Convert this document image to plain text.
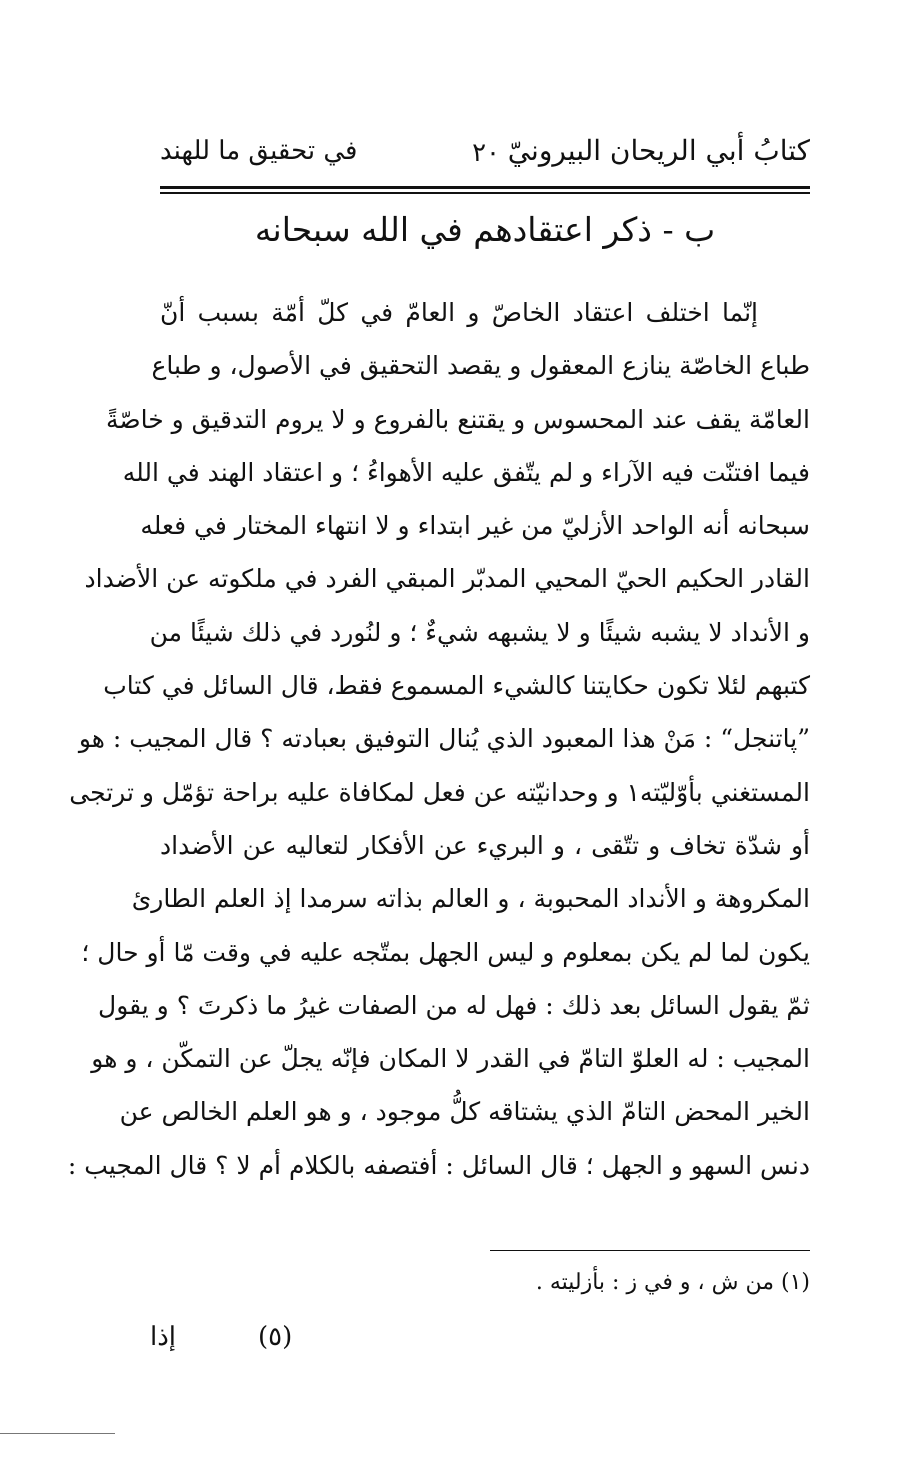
كتابُ أبي الريحان البيرونيّ
٢٠
في تحقيق ما للهند
ب - ذكر اعتقادهم في الله سبحانه
إنّما اختلف اعتقاد الخاصّ و العامّ في كلّ أمّة بسبب أنّ
طباع الخاصّة ينازع المعقول و يقصد التحقيق في الأصول، و طباع
العامّة يقف عند المحسوس و يقتنع بالفروع و لا يروم التدقيق و خاصّةً
فيما افتنّت فيه الآراء و لم يتّفق عليه الأهواءُ ؛ و اعتقاد الهند في الله
سبحانه أنه الواحد الأزليّ من غير ابتداء و لا انتهاء المختار في فعله
القادر الحكيم الحيّ المحيي المدبّر المبقي الفرد في ملكوته عن الأضداد
و الأنداد لا يشبه شيئًا و لا يشبهه شيءٌ ؛ و لنُورد في ذلك شيئًا من
كتبهم لئلا تكون حكايتنا كالشيء المسموع فقط، قال السائل في كتاب
”پاتنجل“ : مَنْ هذا المعبود الذي يُنال التوفيق بعبادته ؟ قال المجيب : هو
المستغني بأوّليّته١ و وحدانيّته عن فعل لمكافاة عليه براحة تؤمّل و ترتجى
أو شدّة تخاف و تتّقى ، و البريء عن الأفكار لتعاليه عن الأضداد
المكروهة و الأنداد المحبوبة ، و العالم بذاته سرمدا إذ العلم الطارئ
يكون لما لم يكن بمعلوم و ليس الجهل بمتّجه عليه في وقت مّا أو حال ؛
ثمّ يقول السائل بعد ذلك : فهل له من الصفات غيرُ ما ذكرتَ ؟ و يقول
المجيب : له العلوّ التامّ في القدر لا المكان فإنّه يجلّ عن التمكّن ، و هو
الخير المحض التامّ الذي يشتاقه كلُّ موجود ، و هو العلم الخالص عن
دنس السهو و الجهل ؛ قال السائل : أفتصفه بالكلام أم لا ؟ قال المجيب :
(١) من ش ، و في ز : بأزليته .
(٥)
إذا
